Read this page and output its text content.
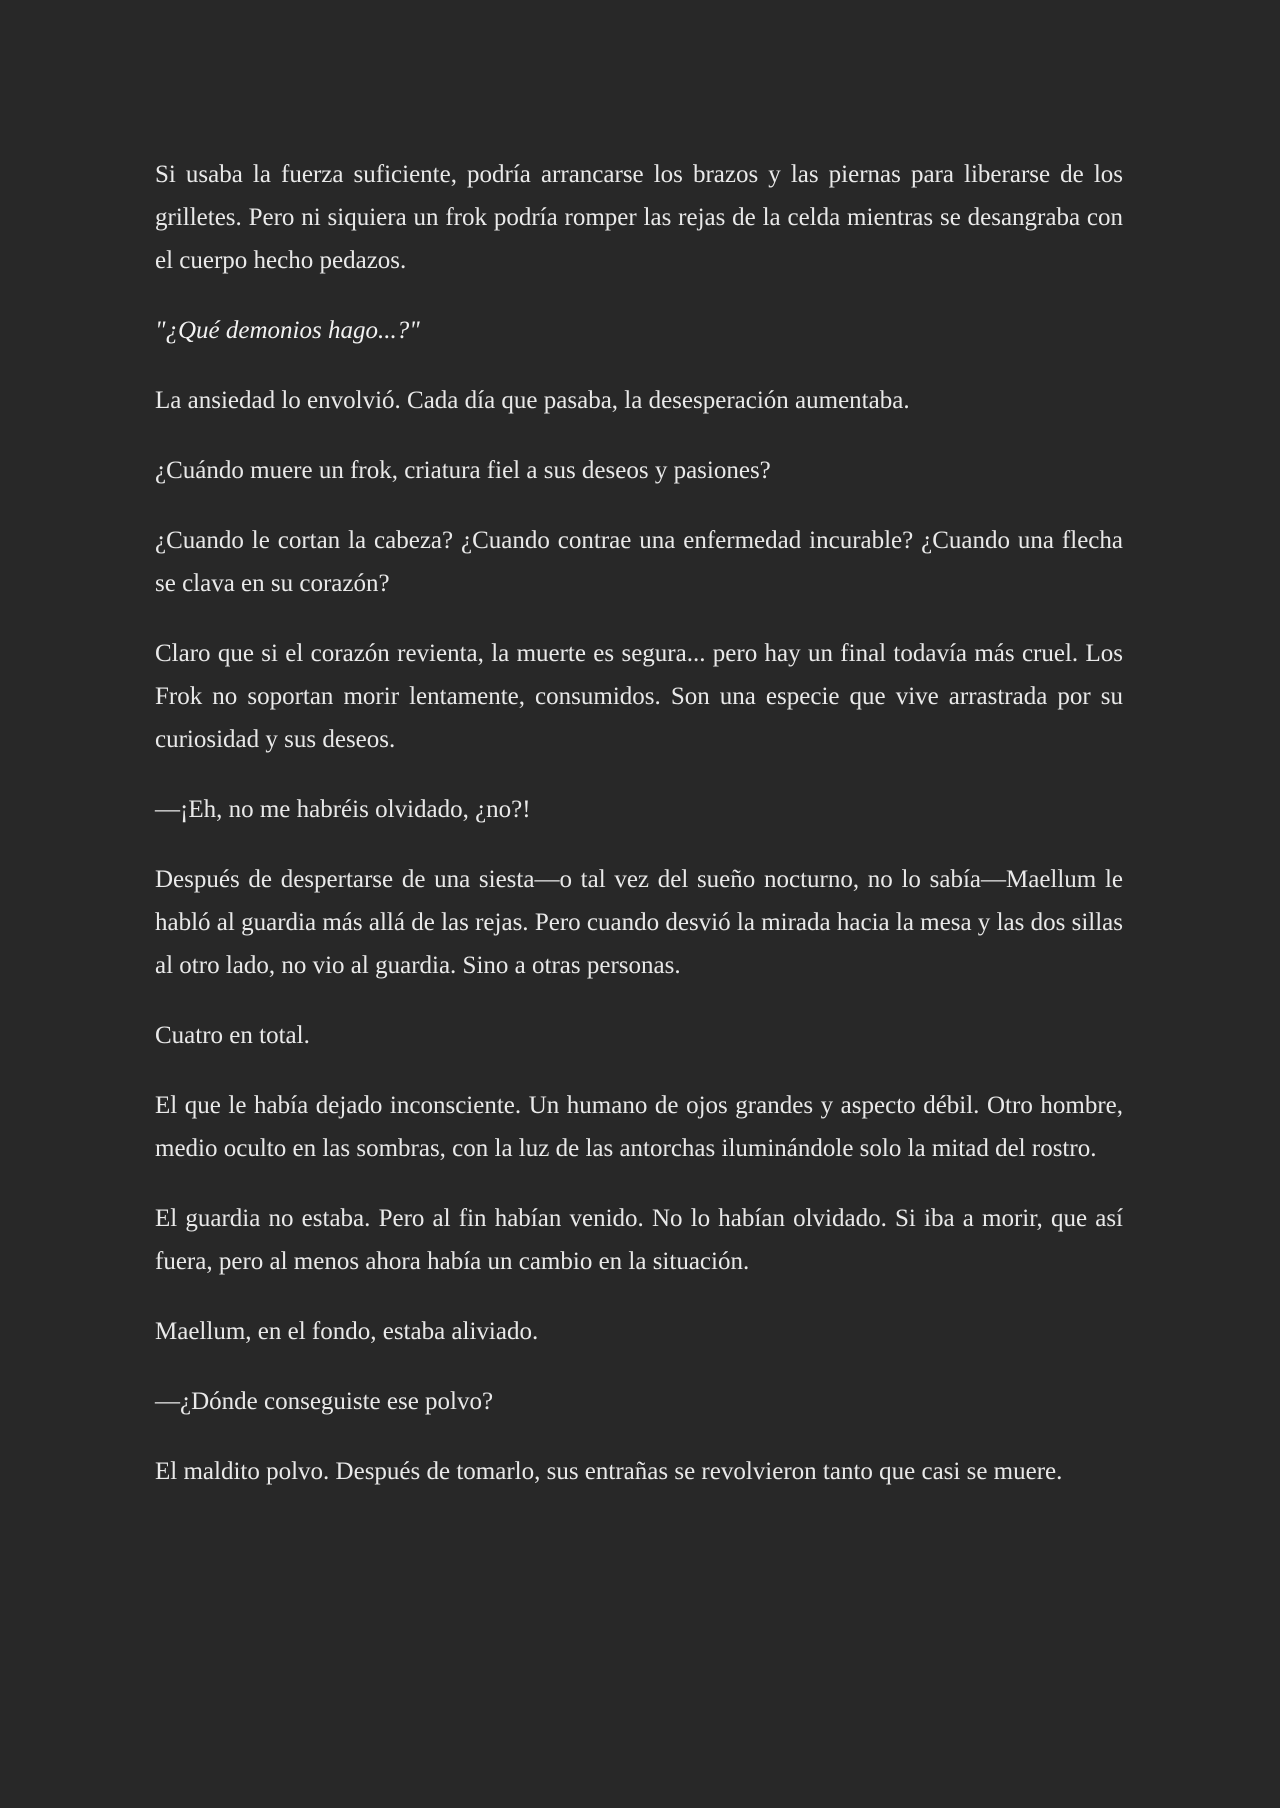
Si usaba la fuerza suficiente, podría arrancarse los brazos y las piernas para liberarse de los grilletes. Pero ni siquiera un frok podría romper las rejas de la celda mientras se desangraba con el cuerpo hecho pedazos.

"¿Qué demonios hago...?"

La ansiedad lo envolvió. Cada día que pasaba, la desesperación aumentaba.

¿Cuándo muere un frok, criatura fiel a sus deseos y pasiones?

¿Cuando le cortan la cabeza? ¿Cuando contrae una enfermedad incurable? ¿Cuando una flecha se clava en su corazón?

Claro que si el corazón revienta, la muerte es segura... pero hay un final todavía más cruel. Los Frok no soportan morir lentamente, consumidos. Son una especie que vive arrastrada por su curiosidad y sus deseos.

—¡Eh, no me habréis olvidado, ¿no?!

Después de despertarse de una siesta—o tal vez del sueño nocturno, no lo sabía—Maellum le habló al guardia más allá de las rejas. Pero cuando desvió la mirada hacia la mesa y las dos sillas al otro lado, no vio al guardia. Sino a otras personas.

Cuatro en total.

El que le había dejado inconsciente. Un humano de ojos grandes y aspecto débil. Otro hombre, medio oculto en las sombras, con la luz de las antorchas iluminándole solo la mitad del rostro.

El guardia no estaba. Pero al fin habían venido. No lo habían olvidado. Si iba a morir, que así fuera, pero al menos ahora había un cambio en la situación.

Maellum, en el fondo, estaba aliviado.

—¿Dónde conseguiste ese polvo?

El maldito polvo. Después de tomarlo, sus entrañas se revolvieron tanto que casi se muere.
